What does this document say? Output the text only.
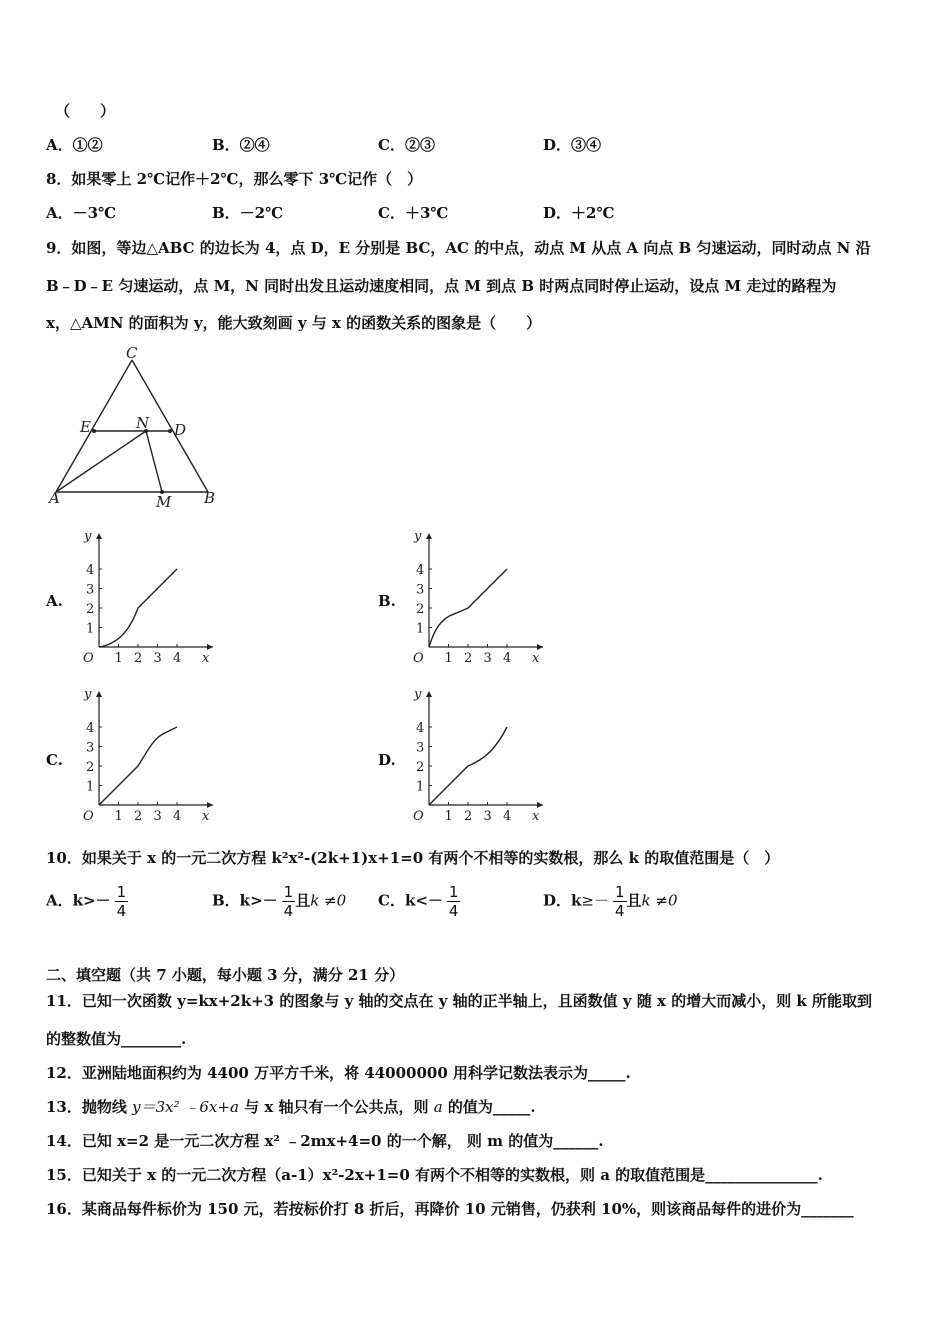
（　　）
A．①②	B．②④	C．②③	D．③④
8．如果零上 2℃记作＋2℃，那么零下 3℃记作（　）
A．－3℃	B．－2℃	C．＋3℃	D．＋2℃
9．如图，等边△ABC 的边长为 4，点 D，E 分别是 BC，AC 的中点，动点 M 从点 A 向点 B 匀速运动，同时动点 N 沿
B﹣D﹣E 匀速运动，点 M，N 同时出发且运动速度相同，点 M 到点 B 时两点同时停止运动，设点 M 走过的路程为
x，△AMN 的面积为 y，能大致刻画 y 与 x 的函数关系的图象是（　　）
C
E	D
N
A	M B
A.	B.
C.	D.
1 2 3 4
1
2
3
4
O	x
y
1 2 3 4
1
2
3
4
O	x
y
1 2 3 4
1
2
3
4
O	x
y
1 2 3 4
1
2
3
4
O	x
y
10．如果关于 x 的一元二次方程 k²x²-(2k+1)x+1=0 有两个不相等的实数根，那么 k 的取值范围是（　）
A．$k>- \frac{1}{4}$	B．$k>- \frac{1}{4}$ 且k ≠0 C．$k<- \frac{1}{4}$	D．$k\ge- \frac{1}{4}$ 且k ≠0
二、填空题（共 7 小题，每小题 3 分，满分 21 分）
11．已知一次函数 y=kx+2k+3 的图象与 y 轴的交点在 y 轴的正半轴上，且函数值 y 随 x 的增大而减小，则 k 所能取到
的整数值为________.
12．亚洲陆地面积约为 4400 万平方千米，将 44000000 用科学记数法表示为_____.
13．抛物线 y＝3x² ﹣6x+a 与 x 轴只有一个公共点，则 a 的值为_____.
14．已知 x=2 是一元二次方程 x² ﹣2mx+4=0 的一个解， 则 m 的值为______.
15．已知关于 x 的一元二次方程（a-1）x²-2x+1=0 有两个不相等的实数根，则 a 的取值范围是_______________.
16．某商品每件标价为 150 元，若按标价打 8 折后，再降价 10 元销售，仍获利 10%，则该商品每件的进价为_______
